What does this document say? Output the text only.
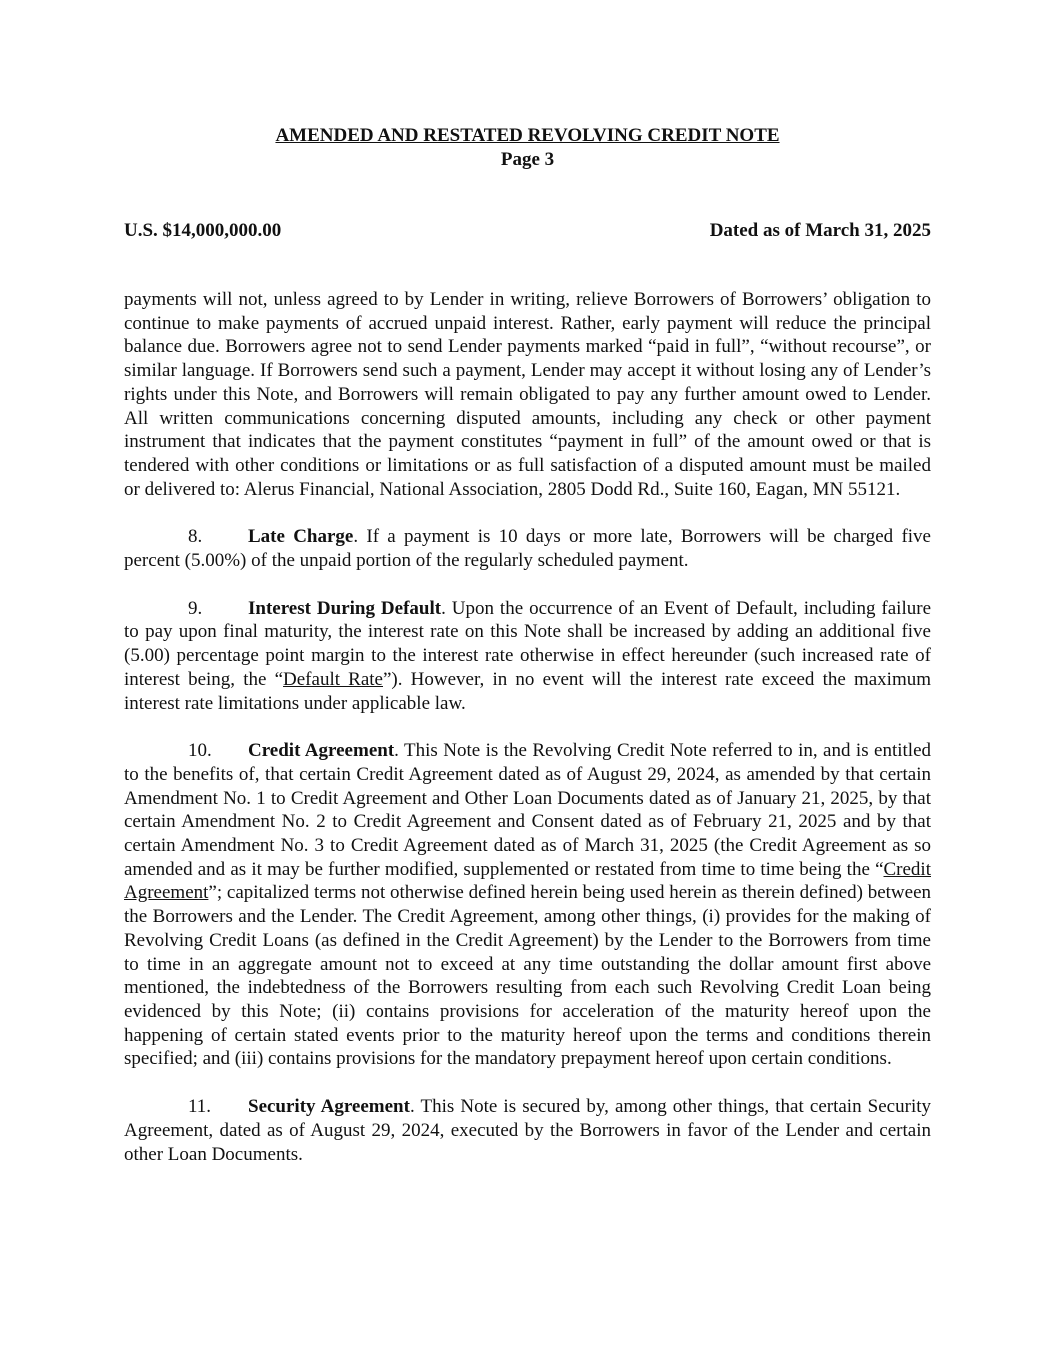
AMENDED AND RESTATED REVOLVING CREDIT NOTE
Page 3
U.S. $14,000,000.00	Dated as of March 31, 2025

payments will not, unless agreed to by Lender in writing, relieve Borrowers of Borrowers’ obligation to continue to make payments of accrued unpaid interest. Rather, early payment will reduce the principal balance due. Borrowers agree not to send Lender payments marked “paid in full”, “without recourse”, or similar language. If Borrowers send such a payment, Lender may accept it without losing any of Lender’s rights under this Note, and Borrowers will remain obligated to pay any further amount owed to Lender. All written communications concerning disputed amounts, including any check or other payment instrument that indicates that the payment constitutes “payment in full” of the amount owed or that is tendered with other conditions or limitations or as full satisfaction of a disputed amount must be mailed or delivered to: Alerus Financial, National Association, 2805 Dodd Rd., Suite 160, Eagan, MN 55121.

8. Late Charge. If a payment is 10 days or more late, Borrowers will be charged five percent (5.00%) of the unpaid portion of the regularly scheduled payment.

9. Interest During Default. Upon the occurrence of an Event of Default, including failure to pay upon final maturity, the interest rate on this Note shall be increased by adding an additional five (5.00) percentage point margin to the interest rate otherwise in effect hereunder (such increased rate of interest being, the “Default Rate”). However, in no event will the interest rate exceed the maximum interest rate limitations under applicable law.

10. Credit Agreement. This Note is the Revolving Credit Note referred to in, and is entitled to the benefits of, that certain Credit Agreement dated as of August 29, 2024, as amended by that certain Amendment No. 1 to Credit Agreement and Other Loan Documents dated as of January 21, 2025, by that certain Amendment No. 2 to Credit Agreement and Consent dated as of February 21, 2025 and by that certain Amendment No. 3 to Credit Agreement dated as of March 31, 2025 (the Credit Agreement as so amended and as it may be further modified, supplemented or restated from time to time being the “Credit Agreement”; capitalized terms not otherwise defined herein being used herein as therein defined) between the Borrowers and the Lender. The Credit Agreement, among other things, (i) provides for the making of Revolving Credit Loans (as defined in the Credit Agreement) by the Lender to the Borrowers from time to time in an aggregate amount not to exceed at any time outstanding the dollar amount first above mentioned, the indebtedness of the Borrowers resulting from each such Revolving Credit Loan being evidenced by this Note; (ii) contains provisions for acceleration of the maturity hereof upon the happening of certain stated events prior to the maturity hereof upon the terms and conditions therein specified; and (iii) contains provisions for the mandatory prepayment hereof upon certain conditions.

11. Security Agreement. This Note is secured by, among other things, that certain Security Agreement, dated as of August 29, 2024, executed by the Borrowers in favor of the Lender and certain other Loan Documents.
